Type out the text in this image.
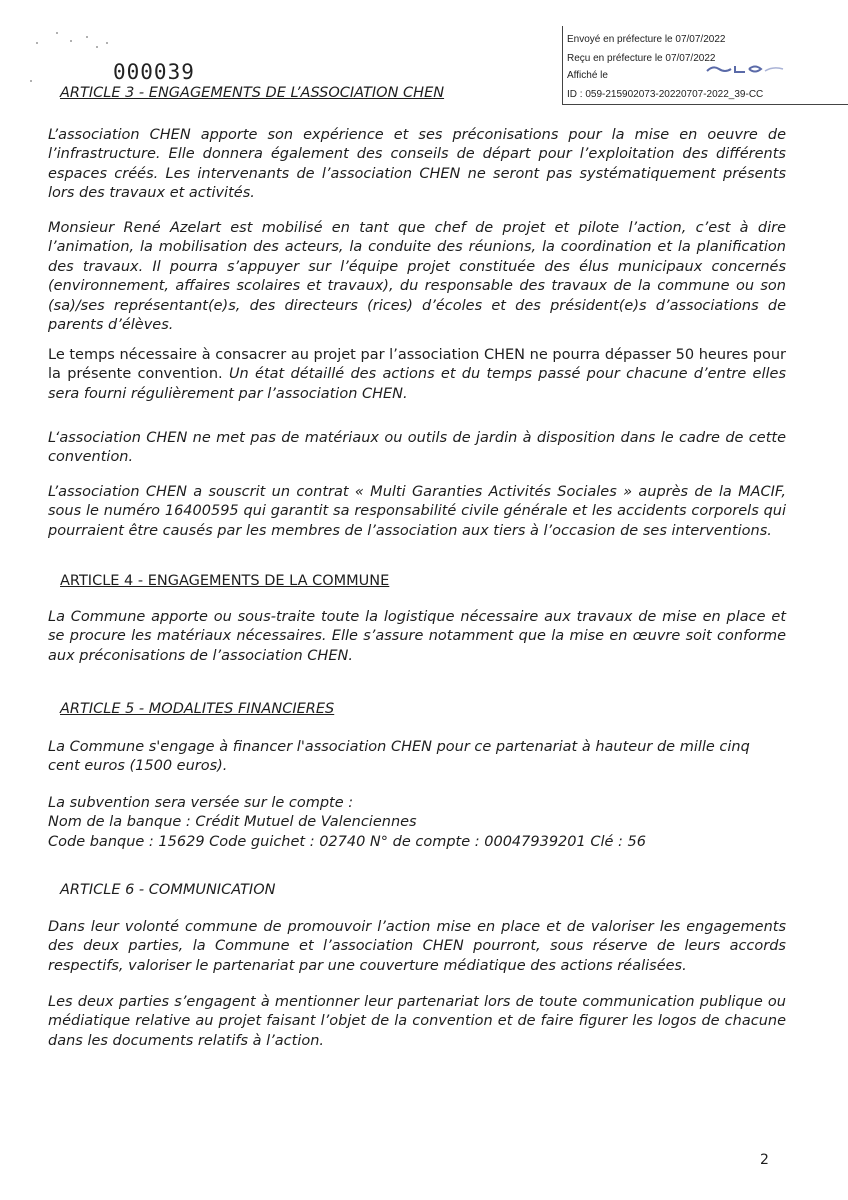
Envoyé en préfecture le 07/07/2022
Reçu en préfecture le 07/07/2022
Affiché le
ID : 059-215902073-20220707-2022_39-CC
000039
ARTICLE 3 - ENGAGEMENTS DE L’ASSOCIATION CHEN

L’association CHEN apporte son expérience et ses préconisations pour la mise en oeuvre de l’infrastructure. Elle donnera également des conseils de départ pour l’exploitation des différents espaces créés. Les intervenants de l’association CHEN ne seront pas systématiquement présents lors des travaux et activités.

Monsieur René Azelart est mobilisé en tant que chef de projet et pilote l’action, c’est à dire l’animation, la mobilisation des acteurs, la conduite des réunions, la coordination et la planification des travaux. Il pourra s’appuyer sur l’équipe projet constituée des élus municipaux concernés (environnement, affaires scolaires et travaux), du responsable des travaux de la commune ou son (sa)/ses représentant(e)s, des directeurs (rices) d’écoles et des président(e)s d’associations de parents d’élèves.

Le temps nécessaire à consacrer au projet par l’association CHEN ne pourra dépasser 50 heures pour la présente convention. Un état détaillé des actions et du temps passé pour chacune d’entre elles sera fourni régulièrement par l’association CHEN.

L‘association CHEN ne met pas de matériaux ou outils de jardin à disposition dans le cadre de cette convention.

L’association CHEN a souscrit un contrat « Multi Garanties Activités Sociales » auprès de la MACIF, sous le numéro 16400595 qui garantit sa responsabilité civile générale et les accidents corporels qui pourraient être causés par les membres de l’association aux tiers à l’occasion de ses interventions.

ARTICLE 4 - ENGAGEMENTS DE LA COMMUNE

La Commune apporte ou sous-traite toute la logistique nécessaire aux travaux de mise en place et se procure les matériaux nécessaires. Elle s’assure notamment que la mise en œuvre soit conforme aux préconisations de l’association CHEN.

ARTICLE 5 - MODALITES FINANCIERES

La Commune s'engage à financer l'association CHEN pour ce partenariat à hauteur de mille cinq cent euros (1500 euros).

La subvention sera versée sur le compte :
Nom de la banque : Crédit Mutuel de Valenciennes
Code banque : 15629 Code guichet : 02740 N° de compte : 00047939201 Clé : 56
ARTICLE 6 - COMMUNICATION

Dans leur volonté commune de promouvoir l’action mise en place et de valoriser les engagements des deux parties, la Commune et l’association CHEN pourront, sous réserve de leurs accords respectifs, valoriser le partenariat par une couverture médiatique des actions réalisées.

Les deux parties s’engagent à mentionner leur partenariat lors de toute communication publique ou médiatique relative au projet faisant l’objet de la convention et de faire figurer les logos de chacune dans les documents relatifs à l’action.

2
